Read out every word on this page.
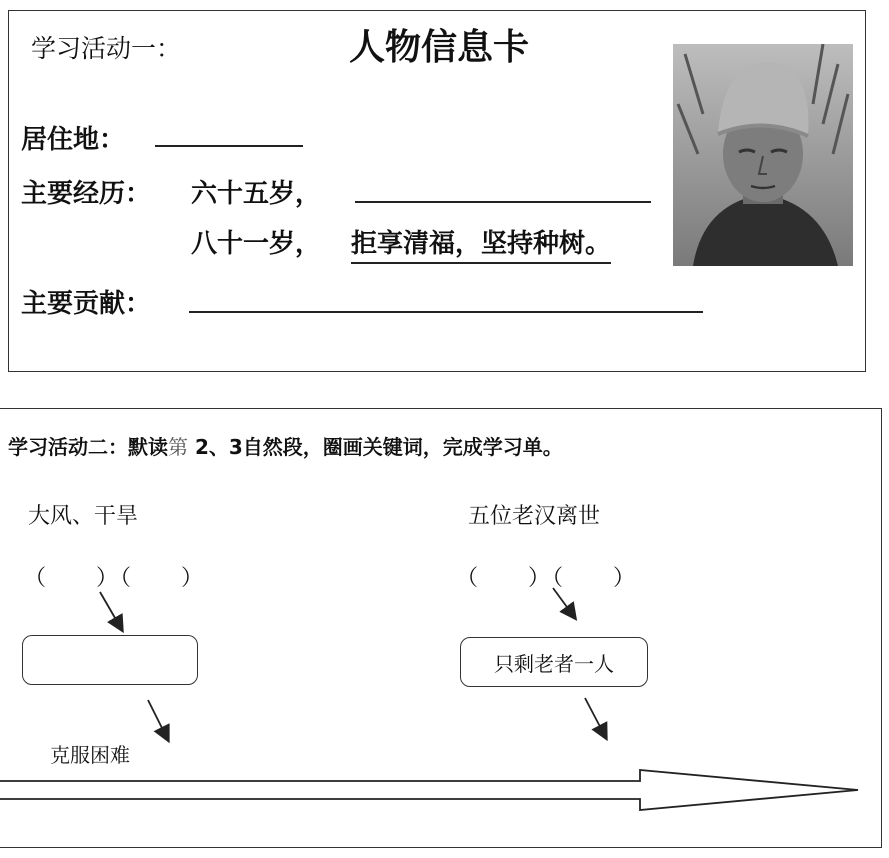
学习活动一：	人物信息卡
居住地：
主要经历： 六十五岁，
八十一岁， 拒享清福，坚持种树。
主要贡献：
学习活动二：默读第 2、3自然段，圈画关键词，完成学习单。
大风、干旱	五位老汉离世
（　　）（　　）	（　　）（　　）
只剩老者一人
克服困难
